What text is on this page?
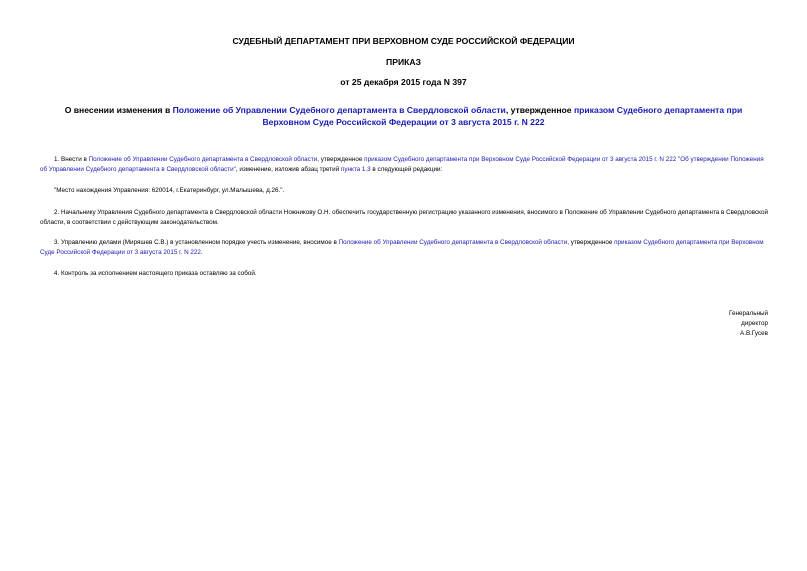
СУДЕБНЫЙ ДЕПАРТАМЕНТ ПРИ ВЕРХОВНОМ СУДЕ РОССИЙСКОЙ ФЕДЕРАЦИИ
ПРИКАЗ
от 25 декабря 2015 года N 397
О внесении изменения в Положение об Управлении Судебного департамента в Свердловской области, утвержденное приказом Судебного департамента при Верховном Суде Российской Федерации от 3 августа 2015 г. N 222
1. Внести в Положение об Управлении Судебного департамента в Свердловской области, утвержденное приказом Судебного департамента при Верховном Суде Российской Федерации от 3 августа 2015 г. N 222 "Об утверждении Положения об Управлении Судебного департамента в Свердловской области", изменение, изложив абзац третий пункта 1.3 в следующей редакции:
"Место нахождения Управления: 620014, г.Екатеринбург, ул.Малышева, д.26.".
2. Начальнику Управления Судебного департамента в Свердловской области Ножникову О.Н. обеспечить государственную регистрацию указанного изменения, вносимого в Положение об Управлении Судебного департамента в Свердловской области, в соответствии с действующим законодательством.
3. Управлению делами (Миряшев С.В.) в установленном порядке учесть изменение, вносимое в Положение об Управлении Судебного департамента в Свердловской области, утвержденное приказом Судебного департамента при Верховном Суде Российской Федерации от 3 августа 2015 г. N 222.
4. Контроль за исполнением настоящего приказа оставляю за собой.
Генеральный
директор
А.В.Гусев
